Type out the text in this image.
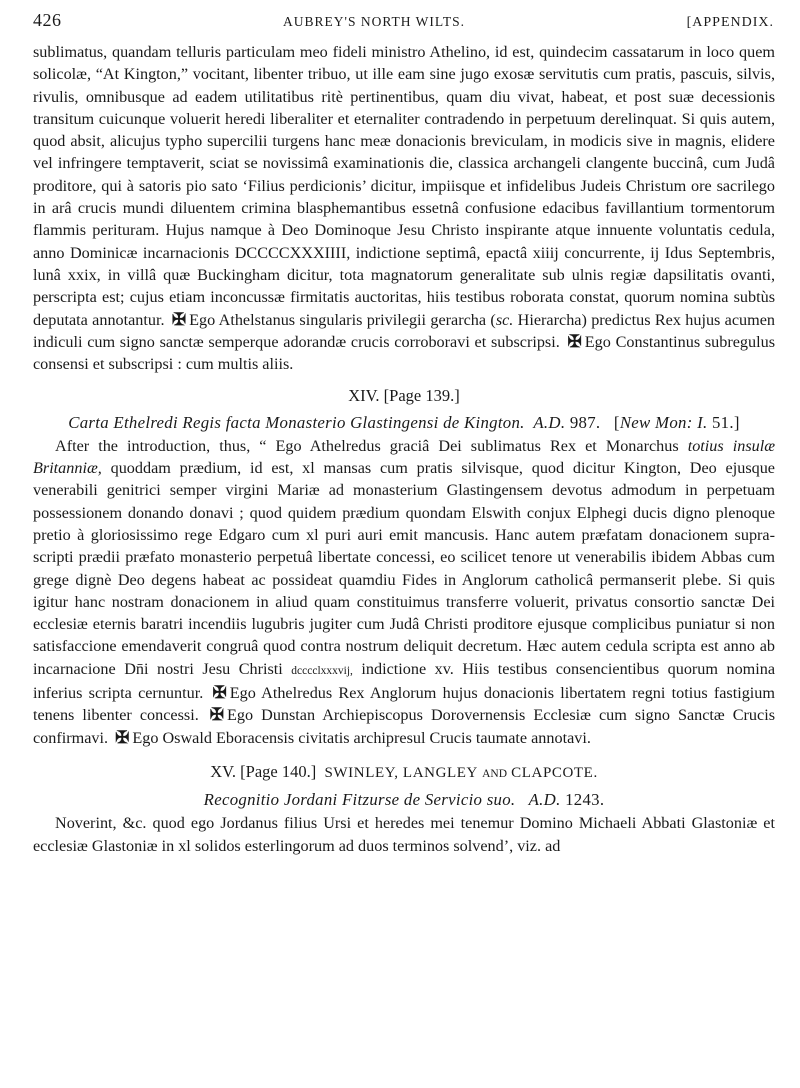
426	AUBREY'S NORTH WILTS.	[APPENDIX.

sublimatus, quandam telluris particulam meo fideli ministro Athelino, id est, quindecim cassatarum in loco quem solicolæ, “At Kington,” vocitant, libenter tribuo, ut ille eam sine jugo exosæ servitutis cum pratis, pascuis, silvis, rivulis, omnibusque ad eadem utilitatibus ritè pertinentibus, quam diu vivat, habeat, et post suæ decessionis transitum cuicunque voluerit heredi liberaliter et eternaliter contradendo in perpetuum derelinquat. Si quis autem, quod absit, alicujus typho supercilii turgens hanc meæ donacionis breviculam, in modicis sive in magnis, elidere vel infringere temptaverit, sciat se novissimâ examinationis die, classica archangeli clangente buccinâ, cum Judâ proditore, qui à satoris pio sato ‘Filius perdicionis’ dicitur, impiisque et infidelibus Judeis Christum ore sacrilego in arâ crucis mundi diluentem crimina blasphemantibus essetnâ confusione edacibus favillantium tormentorum flammis perituram. Hujus namque à Deo Dominoque Jesu Christo inspirante atque innuente voluntatis cedula, anno Dominicæ incarnacionis DCCCCXXXIIII, indictione septimâ, epactâ xiiij concurrente, ij Idus Septembris, lunâ xxix, in villâ quæ Buckingham dicitur, tota magnatorum generalitate sub ulnis regiæ dapsilitatis ovanti, perscripta est; cujus etiam inconcussæ firmitatis auctoritas, hiis testibus roborata constat, quorum nomina subtùs deputata annotantur. ✠ Ego Athelstanus singularis privilegii gerarcha (sc. Hierarcha) predictus Rex hujus acumen indiculi cum signo sanctæ semperque adorandæ crucis corroboravi et subscripsi. ✠ Ego Constantinus subregulus consensi et subscripsi : cum multis aliis.

XIV. [Page 139.]
Carta Ethelredi Regis facta Monasterio Glastingensi de Kington. A.D. 987. [New Mon: I. 51.]

After the introduction, thus, “ Ego Athelredus graciâ Dei sublimatus Rex et Monarchus totius insulæ Britanniæ, quoddam prædium, id est, xl mansas cum pratis silvisque, quod dicitur Kington, Deo ejusque venerabili genitrici semper virgini Mariæ ad monasterium Glastingensem devotus admodum in perpetuam possessionem donando donavi ; quod quidem prædium quondam Elswith conjux Elphegi ducis digno plenoque pretio à gloriosissimo rege Edgaro cum xl puri auri emit mancusis. Hanc autem præfatam donacionem supra-scripti prædii præfato monasterio perpetuâ libertate concessi, eo scilicet tenore ut venerabilis ibidem Abbas cum grege dignè Deo degens habeat ac possideat quamdiu Fides in Anglorum catholicâ permanserit plebe. Si quis igitur hanc nostram donacionem in aliud quam constituimus transferre voluerit, privatus consortio sanctæ Dei ecclesiæ eternis baratri incendiis lugubris jugiter cum Judâ Christi proditore ejusque complicibus puniatur si non satisfaccione emendaverit congruâ quod contra nostrum deliquit decretum. Hæc autem cedula scripta est anno ab incarnacione Dn̄i nostri Jesu Christi dcccclxxxvij, indictione xv. Hiis testibus consencientibus quorum nomina inferius scripta cernuntur. ✠ Ego Athelredus Rex Anglorum hujus donacionis libertatem regni totius fastigium tenens libenter concessi. ✠ Ego Dunstan Archiepiscopus Dorovernensis Ecclesiæ cum signo Sanctæ Crucis confirmavi. ✠ Ego Oswald Eboracensis civitatis archipresul Crucis taumate annotavi.

XV. [Page 140.] SWINLEY, LANGLEY AND CLAPCOTE.
Recognitio Jordani Fitzurse de Servicio suo. A.D. 1243.

Noverint, &c. quod ego Jordanus filius Ursi et heredes mei tenemur Domino Michaeli Abbati Glastoniæ et ecclesiæ Glastoniæ in xl solidos esterlingorum ad duos terminos solvend’, viz. ad
